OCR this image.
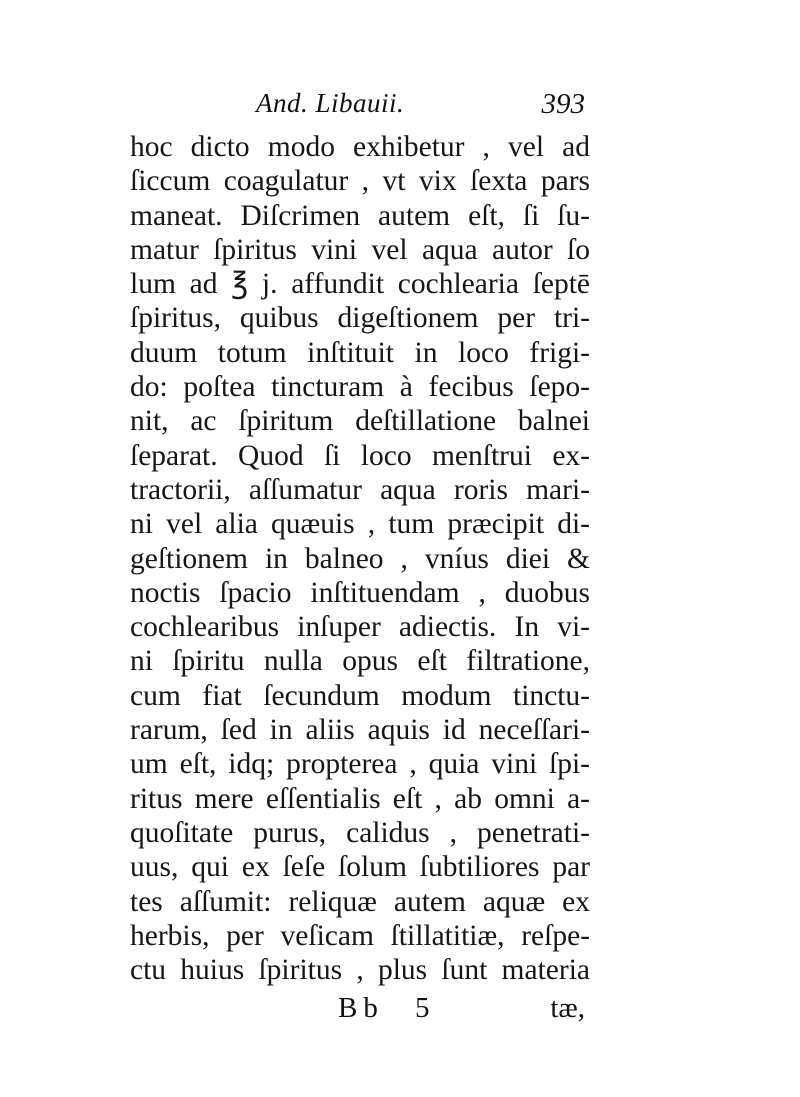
And. Libauii.	393
hoc dicto modo exhibetur , vel ad
ſiccum coagulatur , vt vix ſexta pars
maneat. Diſcrimen autem eſt, ſi ſu-
matur ſpiritus vini vel aqua autor ſo
lum ad ℥ j. affundit cochlearia ſeptē
ſpiritus, quibus digeſtionem per tri-
duum totum inſtituit in loco frigi-
do: poſtea tincturam à fecibus ſepo-
nit, ac ſpiritum deſtillatione balnei
ſeparat. Quod ſi loco menſtrui ex-
tractorii, aſſumatur aqua roris mari-
ni vel alia quæuis , tum præcipit di-
geſtionem in balneo , vníus diei &
noctis ſpacio inſtituendam , duobus
cochlearibus inſuper adiectis. In vi-
ni ſpiritu nulla opus eſt filtratione,
cum fiat ſecundum modum tinctu-
rarum, ſed in aliis aquis id neceſſari-
um eſt, idq; propterea , quia vini ſpi-
ritus mere eſſentialis eſt , ab omni a-
quoſitate purus, calidus , penetrati-
uus, qui ex ſeſe ſolum ſubtiliores par
tes aſſumit: reliquæ autem aquæ ex
herbis, per veſicam ſtillatitiæ, reſpe-
ctu huius ſpiritus , plus ſunt materia
Bb 5	tæ,
